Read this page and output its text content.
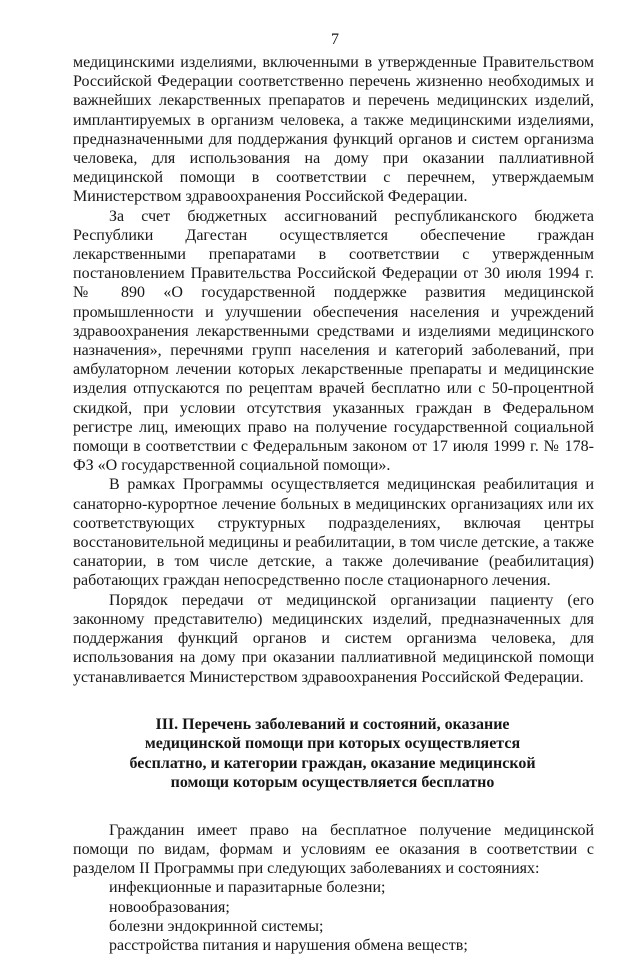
7

медицинскими изделиями, включенными в утвержденные Правительством Российской Федерации соответственно перечень жизненно необходимых и важнейших лекарственных препаратов и перечень медицинских изделий, имплантируемых в организм человека, а также медицинскими изделиями, предназначенными для поддержания функций органов и систем организма человека, для использования на дому при оказании паллиативной медицинской помощи в соответствии с перечнем, утверждаемым Министерством здравоохранения Российской Федерации.

За счет бюджетных ассигнований республиканского бюджета Республики Дагестан осуществляется обеспечение граждан лекарственными препаратами в соответствии с утвержденным постановлением Правительства Российской Федерации от 30 июля 1994 г. № 890 «О государственной поддержке развития медицинской промышленности и улучшении обеспечения населения и учреждений здравоохранения лекарственными средствами и изделиями медицинского назначения», перечнями групп населения и категорий заболеваний, при амбулаторном лечении которых лекарственные препараты и медицинские изделия отпускаются по рецептам врачей бесплатно или с 50-процентной скидкой, при условии отсутствия указанных граждан в Федеральном регистре лиц, имеющих право на получение государственной социальной помощи в соответствии с Федеральным законом от 17 июля 1999 г. № 178-ФЗ «О государственной социальной помощи».

В рамках Программы осуществляется медицинская реабилитация и санаторно-курортное лечение больных в медицинских организациях или их соответствующих структурных подразделениях, включая центры восстановительной медицины и реабилитации, в том числе детские, а также санатории, в том числе детские, а также долечивание (реабилитация) работающих граждан непосредственно после стационарного лечения.

Порядок передачи от медицинской организации пациенту (его законному представителю) медицинских изделий, предназначенных для поддержания функций органов и систем организма человека, для использования на дому при оказании паллиативной медицинской помощи устанавливается Министерством здравоохранения Российской Федерации.

III. Перечень заболеваний и состояний, оказание
медицинской помощи при которых осуществляется
бесплатно, и категории граждан, оказание медицинской
помощи которым осуществляется бесплатно

Гражданин имеет право на бесплатное получение медицинской помощи по видам, формам и условиям ее оказания в соответствии с разделом II Программы при следующих заболеваниях и состояниях:

инфекционные и паразитарные болезни;

новообразования;

болезни эндокринной системы;

расстройства питания и нарушения обмена веществ;
